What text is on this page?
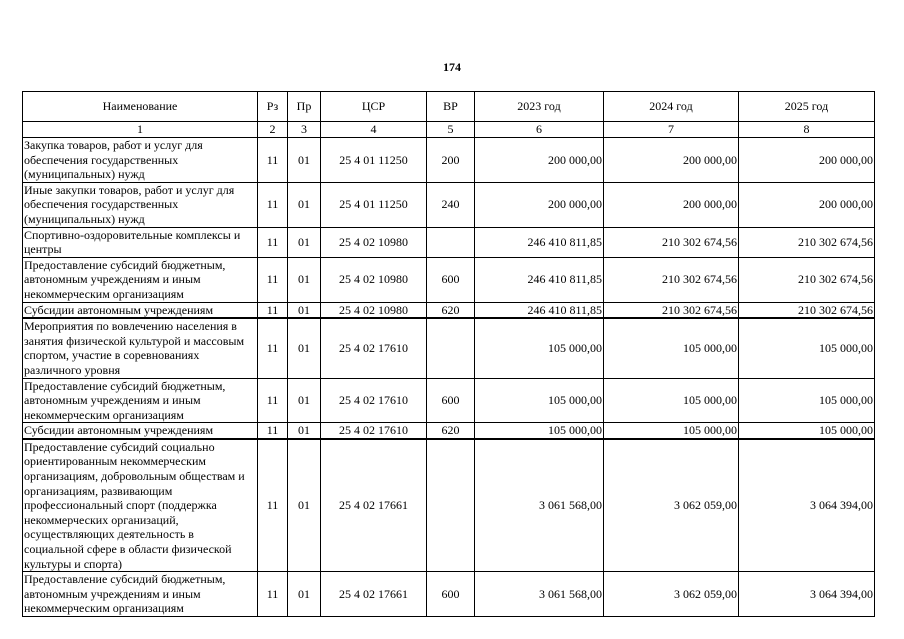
174
Наименование	Рз	Пр	ЦСР	ВР	2023 год	2024 год	2025 год
1	2	3	4	5	6	7	8
Закупка товаров, работ и услуг для обеспечения государственных (муниципальных) нужд	11	01	25 4 01 11250	200	200 000,00	200 000,00	200 000,00
Иные закупки товаров, работ и услуг для обеспечения государственных (муниципальных) нужд	11	01	25 4 01 11250	240	200 000,00	200 000,00	200 000,00
Спортивно-оздоровительные комплексы и центры	11	01	25 4 02 10980		246 410 811,85	210 302 674,56	210 302 674,56
Предоставление субсидий бюджетным, автономным учреждениям и иным некоммерческим организациям	11	01	25 4 02 10980	600	246 410 811,85	210 302 674,56	210 302 674,56
Субсидии автономным учреждениям	11	01	25 4 02 10980	620	246 410 811,85	210 302 674,56	210 302 674,56
Мероприятия по вовлечению населения в занятия физической культурой и массовым спортом, участие в соревнованиях различного уровня	11	01	25 4 02 17610		105 000,00	105 000,00	105 000,00
Предоставление субсидий бюджетным, автономным учреждениям и иным некоммерческим организациям	11	01	25 4 02 17610	600	105 000,00	105 000,00	105 000,00
Субсидии автономным учреждениям	11	01	25 4 02 17610	620	105 000,00	105 000,00	105 000,00
Предоставление субсидий социально ориентированным некоммерческим организациям, добровольным обществам и организациям, развивающим профессиональный спорт (поддержка некоммерческих организаций, осуществляющих деятельность в социальной сфере в области физической культуры и спорта)	11	01	25 4 02 17661		3 061 568,00	3 062 059,00	3 064 394,00
Предоставление субсидий бюджетным, автономным учреждениям и иным некоммерческим организациям	11	01	25 4 02 17661	600	3 061 568,00	3 062 059,00	3 064 394,00
